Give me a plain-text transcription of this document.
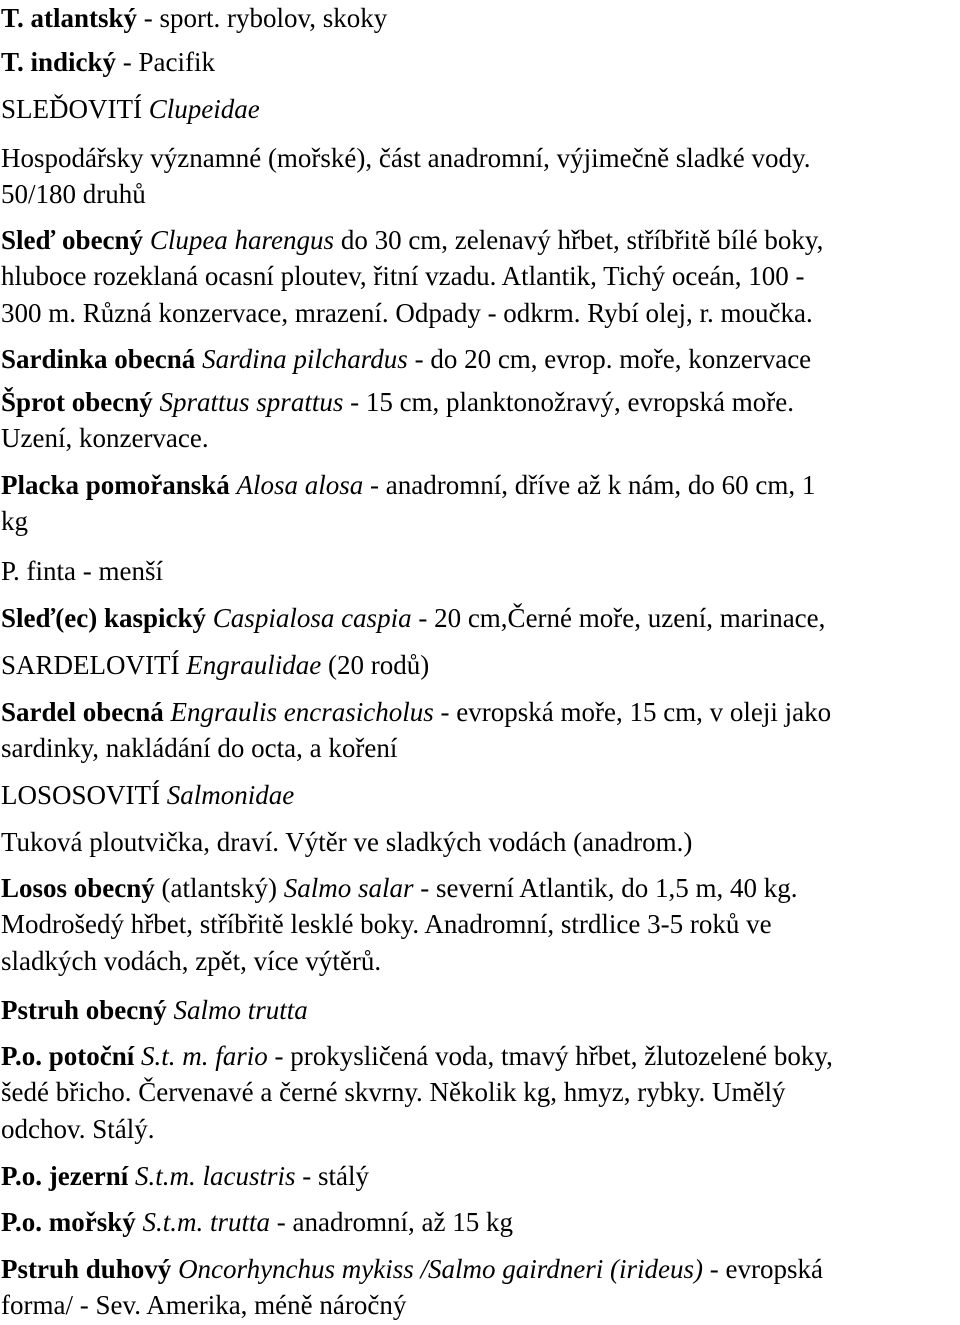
T. atlantský - sport. rybolov, skoky
T. indický - Pacifik
SLEĎOVITÍ Clupeidae
Hospodářsky významné (mořské), část anadromní, výjimečně sladké vody.
50/180 druhů
Sleď obecný Clupea harengus do 30 cm, zelenavý hřbet, stříbřitě bílé boky,
hluboce rozeklaná ocasní ploutev, řitní vzadu. Atlantik, Tichý oceán, 100 -
300 m. Různá konzervace, mrazení. Odpady - odkrm. Rybí olej, r. moučka.
Sardinka obecná Sardina pilchardus - do 20 cm, evrop. moře, konzervace
Šprot obecný Sprattus sprattus - 15 cm, planktonožravý, evropská moře.
Uzení, konzervace.
Placka pomořanská Alosa alosa - anadromní, dříve až k nám, do 60 cm, 1
kg
P. finta - menší
Sleď(ec) kaspický Caspialosa caspia - 20 cm,Černé moře, uzení, marinace,
SARDELOVITÍ Engraulidae (20 rodů)
Sardel obecná Engraulis encrasicholus - evropská moře, 15 cm, v oleji jako
sardinky, nakládání do octa, a koření
LOSOSOVITÍ Salmonidae
Tuková ploutvička, draví. Výtěr ve sladkých vodách (anadrom.)
Losos obecný (atlantský) Salmo salar - severní Atlantik, do 1,5 m, 40 kg.
Modrošedý hřbet, stříbřitě lesklé boky. Anadromní, strdlice 3-5 roků ve
sladkých vodách, zpět, více výtěrů.
Pstruh obecný Salmo trutta
P.o. potoční S.t. m. fario - prokysličená voda, tmavý hřbet, žlutozelené boky,
šedé břicho. Červenavé a černé skvrny. Několik kg, hmyz, rybky. Umělý
odchov. Stálý.
P.o. jezerní S.t.m. lacustris - stálý
P.o. mořský S.t.m. trutta - anadromní, až 15 kg
Pstruh duhový Oncorhynchus mykiss /Salmo gairdneri (irideus) - evropská
forma/ - Sev. Amerika, méně náročný
